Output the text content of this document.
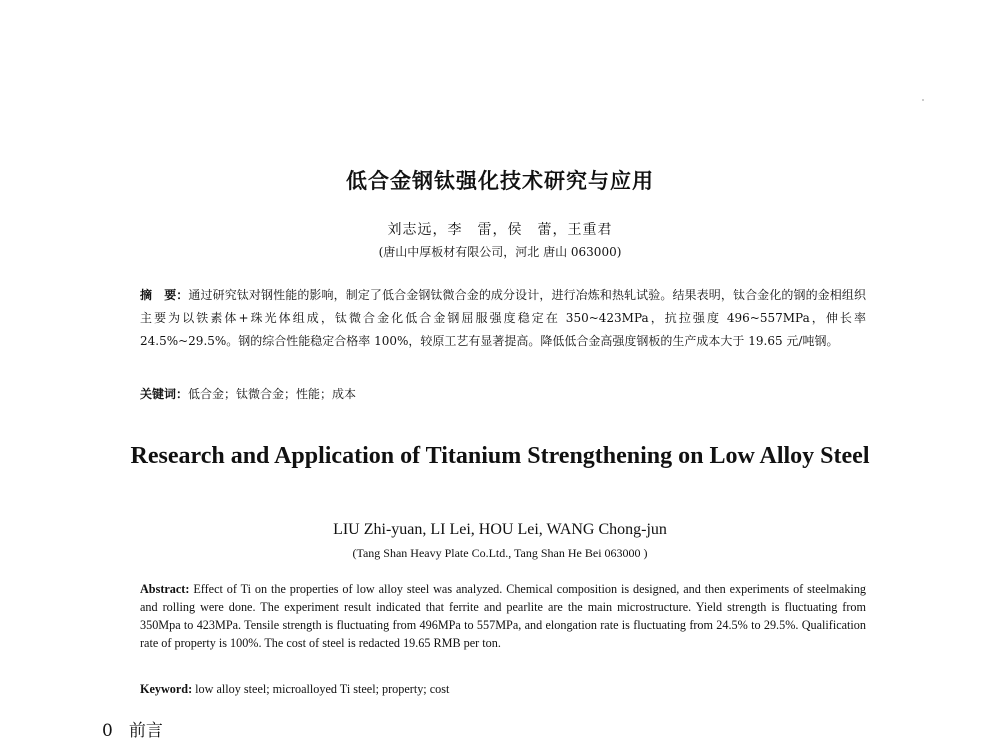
低合金钢钛强化技术研究与应用
刘志远，李　雷，侯　蕾，王重君
(唐山中厚板材有限公司，河北 唐山 063000)
摘　要：通过研究钛对钢性能的影响，制定了低合金钢钛微合金的成分设计，进行冶炼和热轧试验。结果表明，钛合金化的钢的金相组织主要为以铁素体+珠光体组成，钛微合金化低合金钢屈服强度稳定在 350~423MPa，抗拉强度 496~557MPa，伸长率 24.5%~29.5%。钢的综合性能稳定合格率 100%，较原工艺有显著提高。降低低合金高强度钢板的生产成本大于 19.65 元/吨钢。
关键词：低合金；钛微合金；性能；成本
Research and Application of Titanium Strengthening on Low Alloy Steel
LIU Zhi-yuan, LI Lei, HOU Lei, WANG Chong-jun
(Tang Shan Heavy Plate Co.Ltd., Tang Shan He Bei 063000 )
Abstract: Effect of Ti on the properties of low alloy steel was analyzed. Chemical composition is designed, and then experiments of steelmaking and rolling were done. The experiment result indicated that ferrite and pearlite are the main microstructure. Yield strength is fluctuating from 350Mpa to 423MPa. Tensile strength is fluctuating from 496MPa to 557MPa, and elongation rate is fluctuating from 24.5% to 29.5%. Qualification rate of property is 100%. The cost of steel is redacted 19.65 RMB per ton.
Keyword: low alloy steel; microalloyed Ti steel; property; cost
0 前言
